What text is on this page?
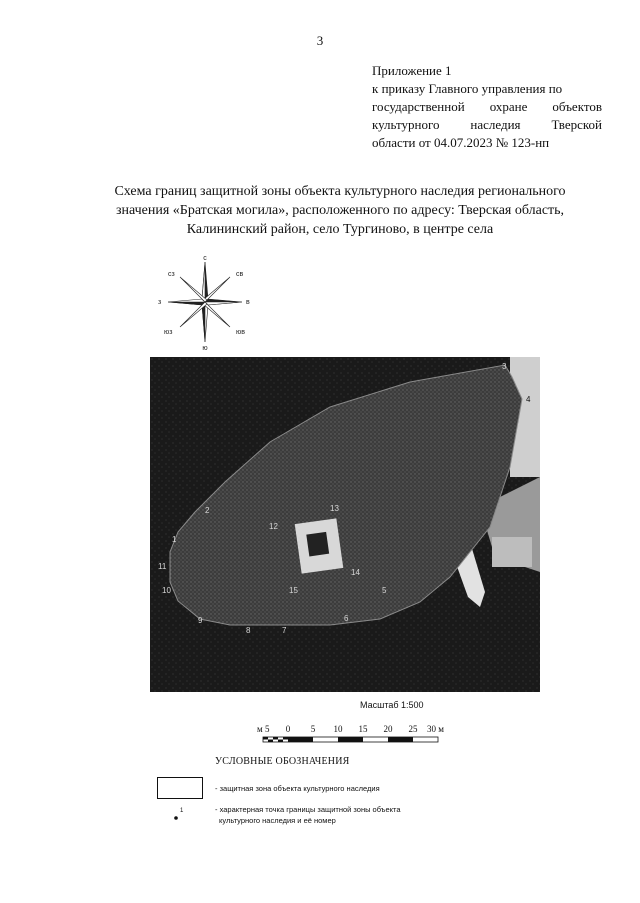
3
Приложение 1
к приказу Главного управления по
государственной охране объектов
культурного наследия Тверской
области от 04.07.2023 № 123-нп
Схема границ защитной зоны объекта культурного наследия регионального
значения «Братская могила», расположенного по адресу: Тверская область,
Калининский район, село Тургиново, в центре села
с
св
в
юв
ю
юз
з
сз
1
2
3
4
5
6
7
8
9
10
11
12
13
14
15
Масштаб 1:500
м 5 0 5 10 15 20 25 30 м
УСЛОВНЫЕ ОБОЗНАЧЕНИЯ
- защитная зона объекта культурного наследия
1	- характерная точка границы защитной зоны объекта
культурного наследия и её номер
